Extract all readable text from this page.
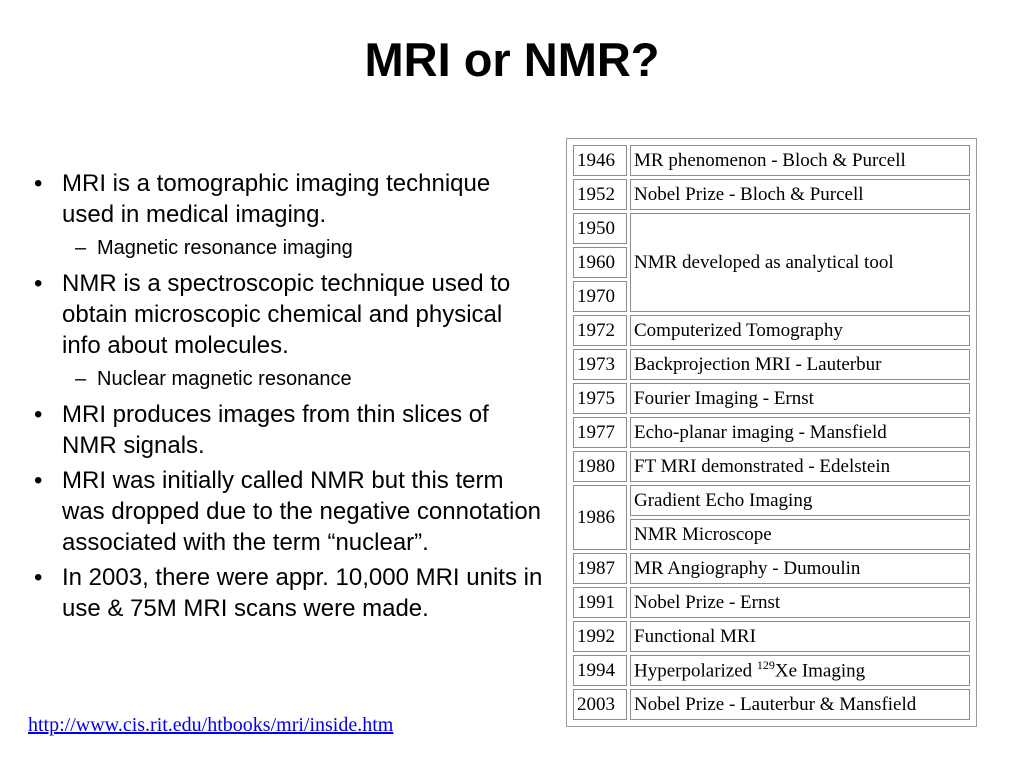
MRI or NMR?
• MRI is a tomographic imaging technique used in medical imaging.
– Magnetic resonance imaging
• NMR is a spectroscopic technique used to obtain microscopic chemical and physical info about molecules.
– Nuclear magnetic resonance
• MRI produces images from thin slices of NMR signals.
• MRI was initially called NMR but this term was dropped due to the negative connotation associated with the term “nuclear”.
• In 2003, there were appr. 10,000 MRI units in use & 75M MRI scans were made.
http://www.cis.rit.edu/htbooks/mri/inside.htm
1946	MR phenomenon - Bloch & Purcell
1952	Nobel Prize - Bloch & Purcell
1950	NMR developed as analytical tool
1960	
1970	
1972	Computerized Tomography
1973	Backprojection MRI - Lauterbur
1975	Fourier Imaging - Ernst
1977	Echo-planar imaging - Mansfield
1980	FT MRI demonstrated - Edelstein
1986	Gradient Echo Imaging
	NMR Microscope
1987	MR Angiography - Dumoulin
1991	Nobel Prize - Ernst
1992	Functional MRI
1994	Hyperpolarized $^{129}$Xe Imaging
2003	Nobel Prize - Lauterbur & Mansfield
